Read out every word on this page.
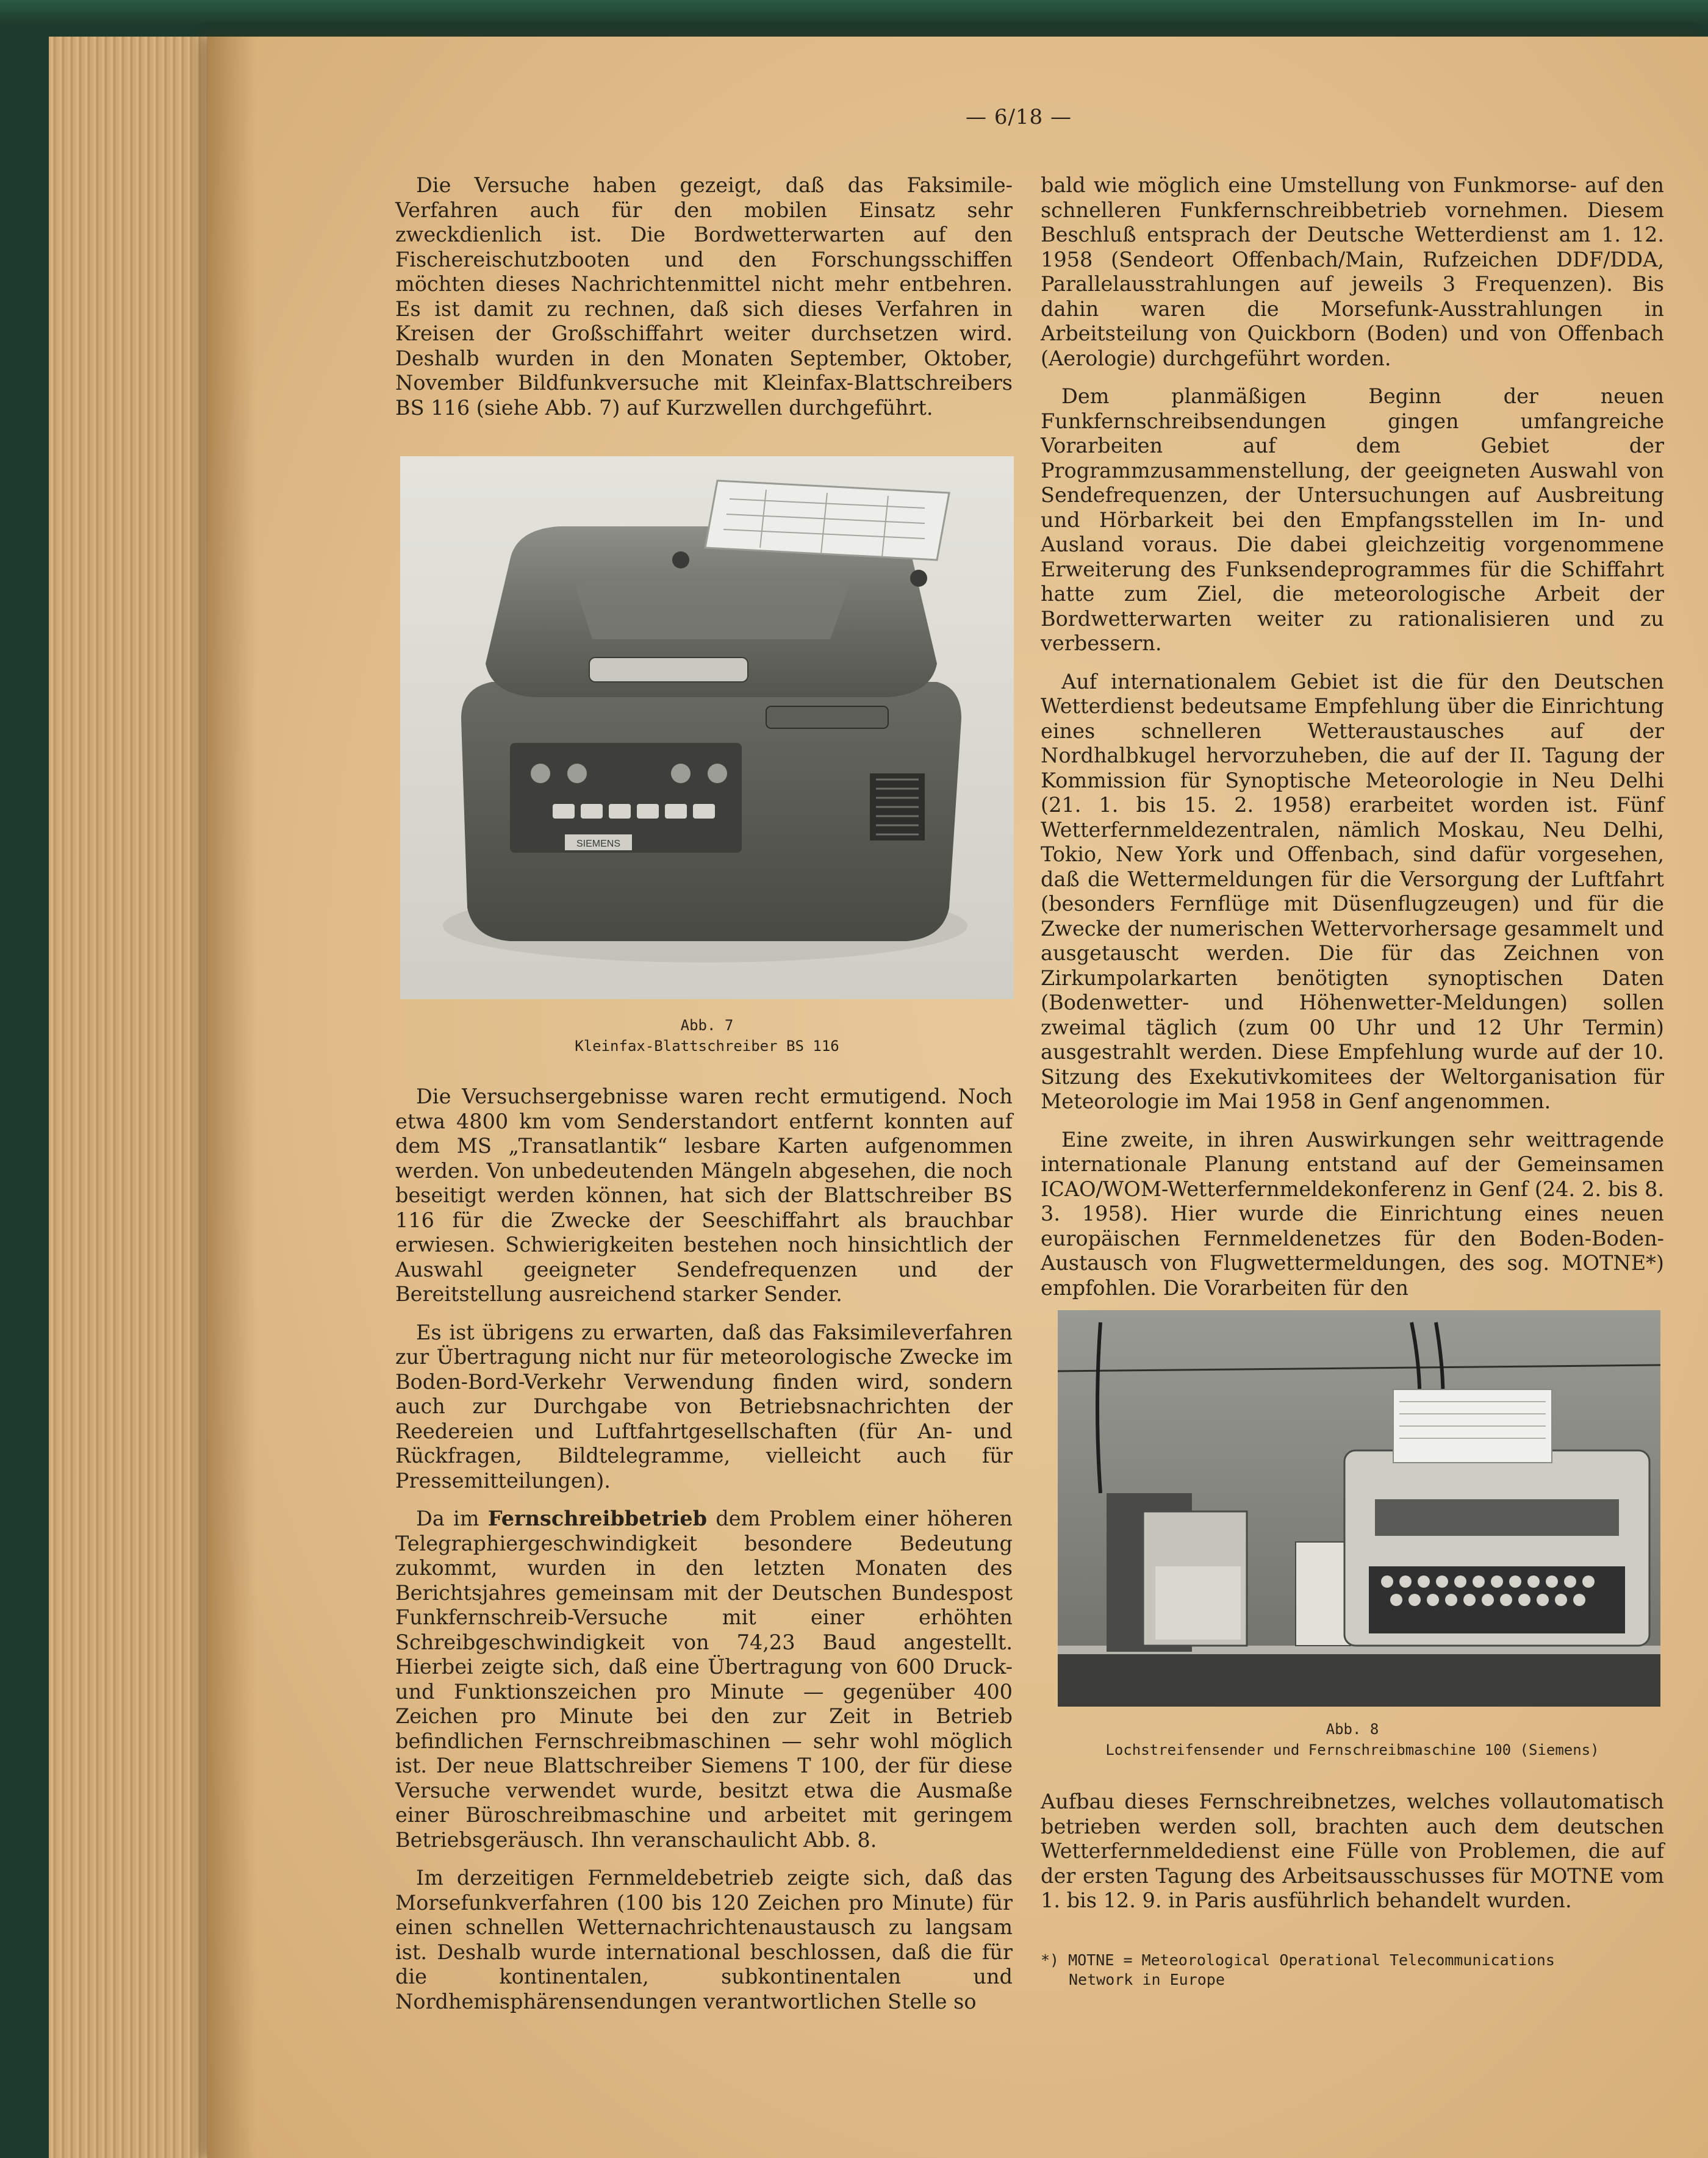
— 6/18 —

Die Versuche haben gezeigt, daß das Faksimile-Verfahren auch für den mobilen Einsatz sehr zweckdienlich ist. Die Bordwetterwarten auf den Fischereischutzbooten und den Forschungsschiffen möchten dieses Nachrichtenmittel nicht mehr entbehren. Es ist damit zu rechnen, daß sich dieses Verfahren in Kreisen der Großschiffahrt weiter durchsetzen wird. Deshalb wurden in den Monaten September, Oktober, November Bildfunkversuche mit Kleinfax-Blattschreibers BS 116 (siehe Abb. 7) auf Kurzwellen durchgeführt.

SIEMENS
Abb. 7
Kleinfax-Blattschreiber BS 116

Die Versuchsergebnisse waren recht ermutigend. Noch etwa 4800 km vom Senderstandort entfernt konnten auf dem MS „Transatlantik“ lesbare Karten aufgenommen werden. Von unbedeutenden Mängeln abgesehen, die noch beseitigt werden können, hat sich der Blattschreiber BS 116 für die Zwecke der Seeschiffahrt als brauchbar erwiesen. Schwierigkeiten bestehen noch hinsichtlich der Auswahl geeigneter Sendefrequenzen und der Bereitstellung ausreichend starker Sender.

Es ist übrigens zu erwarten, daß das Faksimileverfahren zur Übertragung nicht nur für meteorologische Zwecke im Boden-Bord-Verkehr Verwendung finden wird, sondern auch zur Durchgabe von Betriebsnachrichten der Reedereien und Luftfahrtgesellschaften (für An- und Rückfragen, Bildtelegramme, vielleicht auch für Pressemitteilungen).

Da im Fernschreibbetrieb dem Problem einer höheren Telegraphiergeschwindigkeit besondere Bedeutung zukommt, wurden in den letzten Monaten des Berichtsjahres gemeinsam mit der Deutschen Bundespost Funkfernschreib-Versuche mit einer erhöhten Schreibgeschwindigkeit von 74,23 Baud angestellt. Hierbei zeigte sich, daß eine Übertragung von 600 Druck- und Funktionszeichen pro Minute — gegenüber 400 Zeichen pro Minute bei den zur Zeit in Betrieb befindlichen Fernschreibmaschinen — sehr wohl möglich ist. Der neue Blattschreiber Siemens T 100, der für diese Versuche verwendet wurde, besitzt etwa die Ausmaße einer Büroschreibmaschine und arbeitet mit geringem Betriebsgeräusch. Ihn veranschaulicht Abb. 8.

Im derzeitigen Fernmeldebetrieb zeigte sich, daß das Morsefunkverfahren (100 bis 120 Zeichen pro Minute) für einen schnellen Wetternachrichtenaustausch zu langsam ist. Deshalb wurde international beschlossen, daß die für die kontinentalen, subkontinentalen und Nordhemisphärensendungen verantwortlichen Stelle so

bald wie möglich eine Umstellung von Funkmorse- auf den schnelleren Funkfernschreibbetrieb vornehmen. Diesem Beschluß entsprach der Deutsche Wetterdienst am 1. 12. 1958 (Sendeort Offenbach/Main, Rufzeichen DDF/DDA, Parallelausstrahlungen auf jeweils 3 Frequenzen). Bis dahin waren die Morsefunk-Ausstrahlungen in Arbeitsteilung von Quickborn (Boden) und von Offenbach (Aerologie) durchgeführt worden.

Dem planmäßigen Beginn der neuen Funkfernschreibsendungen gingen umfangreiche Vorarbeiten auf dem Gebiet der Programmzusammenstellung, der geeigneten Auswahl von Sendefrequenzen, der Untersuchungen auf Ausbreitung und Hörbarkeit bei den Empfangsstellen im In- und Ausland voraus. Die dabei gleichzeitig vorgenommene Erweiterung des Funksendeprogrammes für die Schiffahrt hatte zum Ziel, die meteorologische Arbeit der Bordwetterwarten weiter zu rationalisieren und zu verbessern.

Auf internationalem Gebiet ist die für den Deutschen Wetterdienst bedeutsame Empfehlung über die Einrichtung eines schnelleren Wetteraustausches auf der Nordhalbkugel hervorzuheben, die auf der II. Tagung der Kommission für Synoptische Meteorologie in Neu Delhi (21. 1. bis 15. 2. 1958) erarbeitet worden ist. Fünf Wetterfernmeldezentralen, nämlich Moskau, Neu Delhi, Tokio, New York und Offenbach, sind dafür vorgesehen, daß die Wettermeldungen für die Versorgung der Luftfahrt (besonders Fernflüge mit Düsenflugzeugen) und für die Zwecke der numerischen Wettervorhersage gesammelt und ausgetauscht werden. Die für das Zeichnen von Zirkumpolarkarten benötigten synoptischen Daten (Bodenwetter- und Höhenwetter-Meldungen) sollen zweimal täglich (zum 00 Uhr und 12 Uhr Termin) ausgestrahlt werden. Diese Empfehlung wurde auf der 10. Sitzung des Exekutivkomitees der Weltorganisation für Meteorologie im Mai 1958 in Genf angenommen.

Eine zweite, in ihren Auswirkungen sehr weittragende internationale Planung entstand auf der Gemeinsamen ICAO/WOM-Wetterfernmeldekonferenz in Genf (24. 2. bis 8. 3. 1958). Hier wurde die Einrichtung eines neuen europäischen Fernmeldenetzes für den Boden-Boden-Austausch von Flugwettermeldungen, des sog. MOTNE*) empfohlen. Die Vorarbeiten für den

Abb. 8
Lochstreifensender und Fernschreibmaschine 100 (Siemens)

Aufbau dieses Fernschreibnetzes, welches vollautomatisch betrieben werden soll, brachten auch dem deutschen Wetterfernmeldedienst eine Fülle von Problemen, die auf der ersten Tagung des Arbeitsausschusses für MOTNE vom 1. bis 12. 9. in Paris ausführlich behandelt wurden.

*) MOTNE = Meteorological Operational Telecommunications
Network in Europe
